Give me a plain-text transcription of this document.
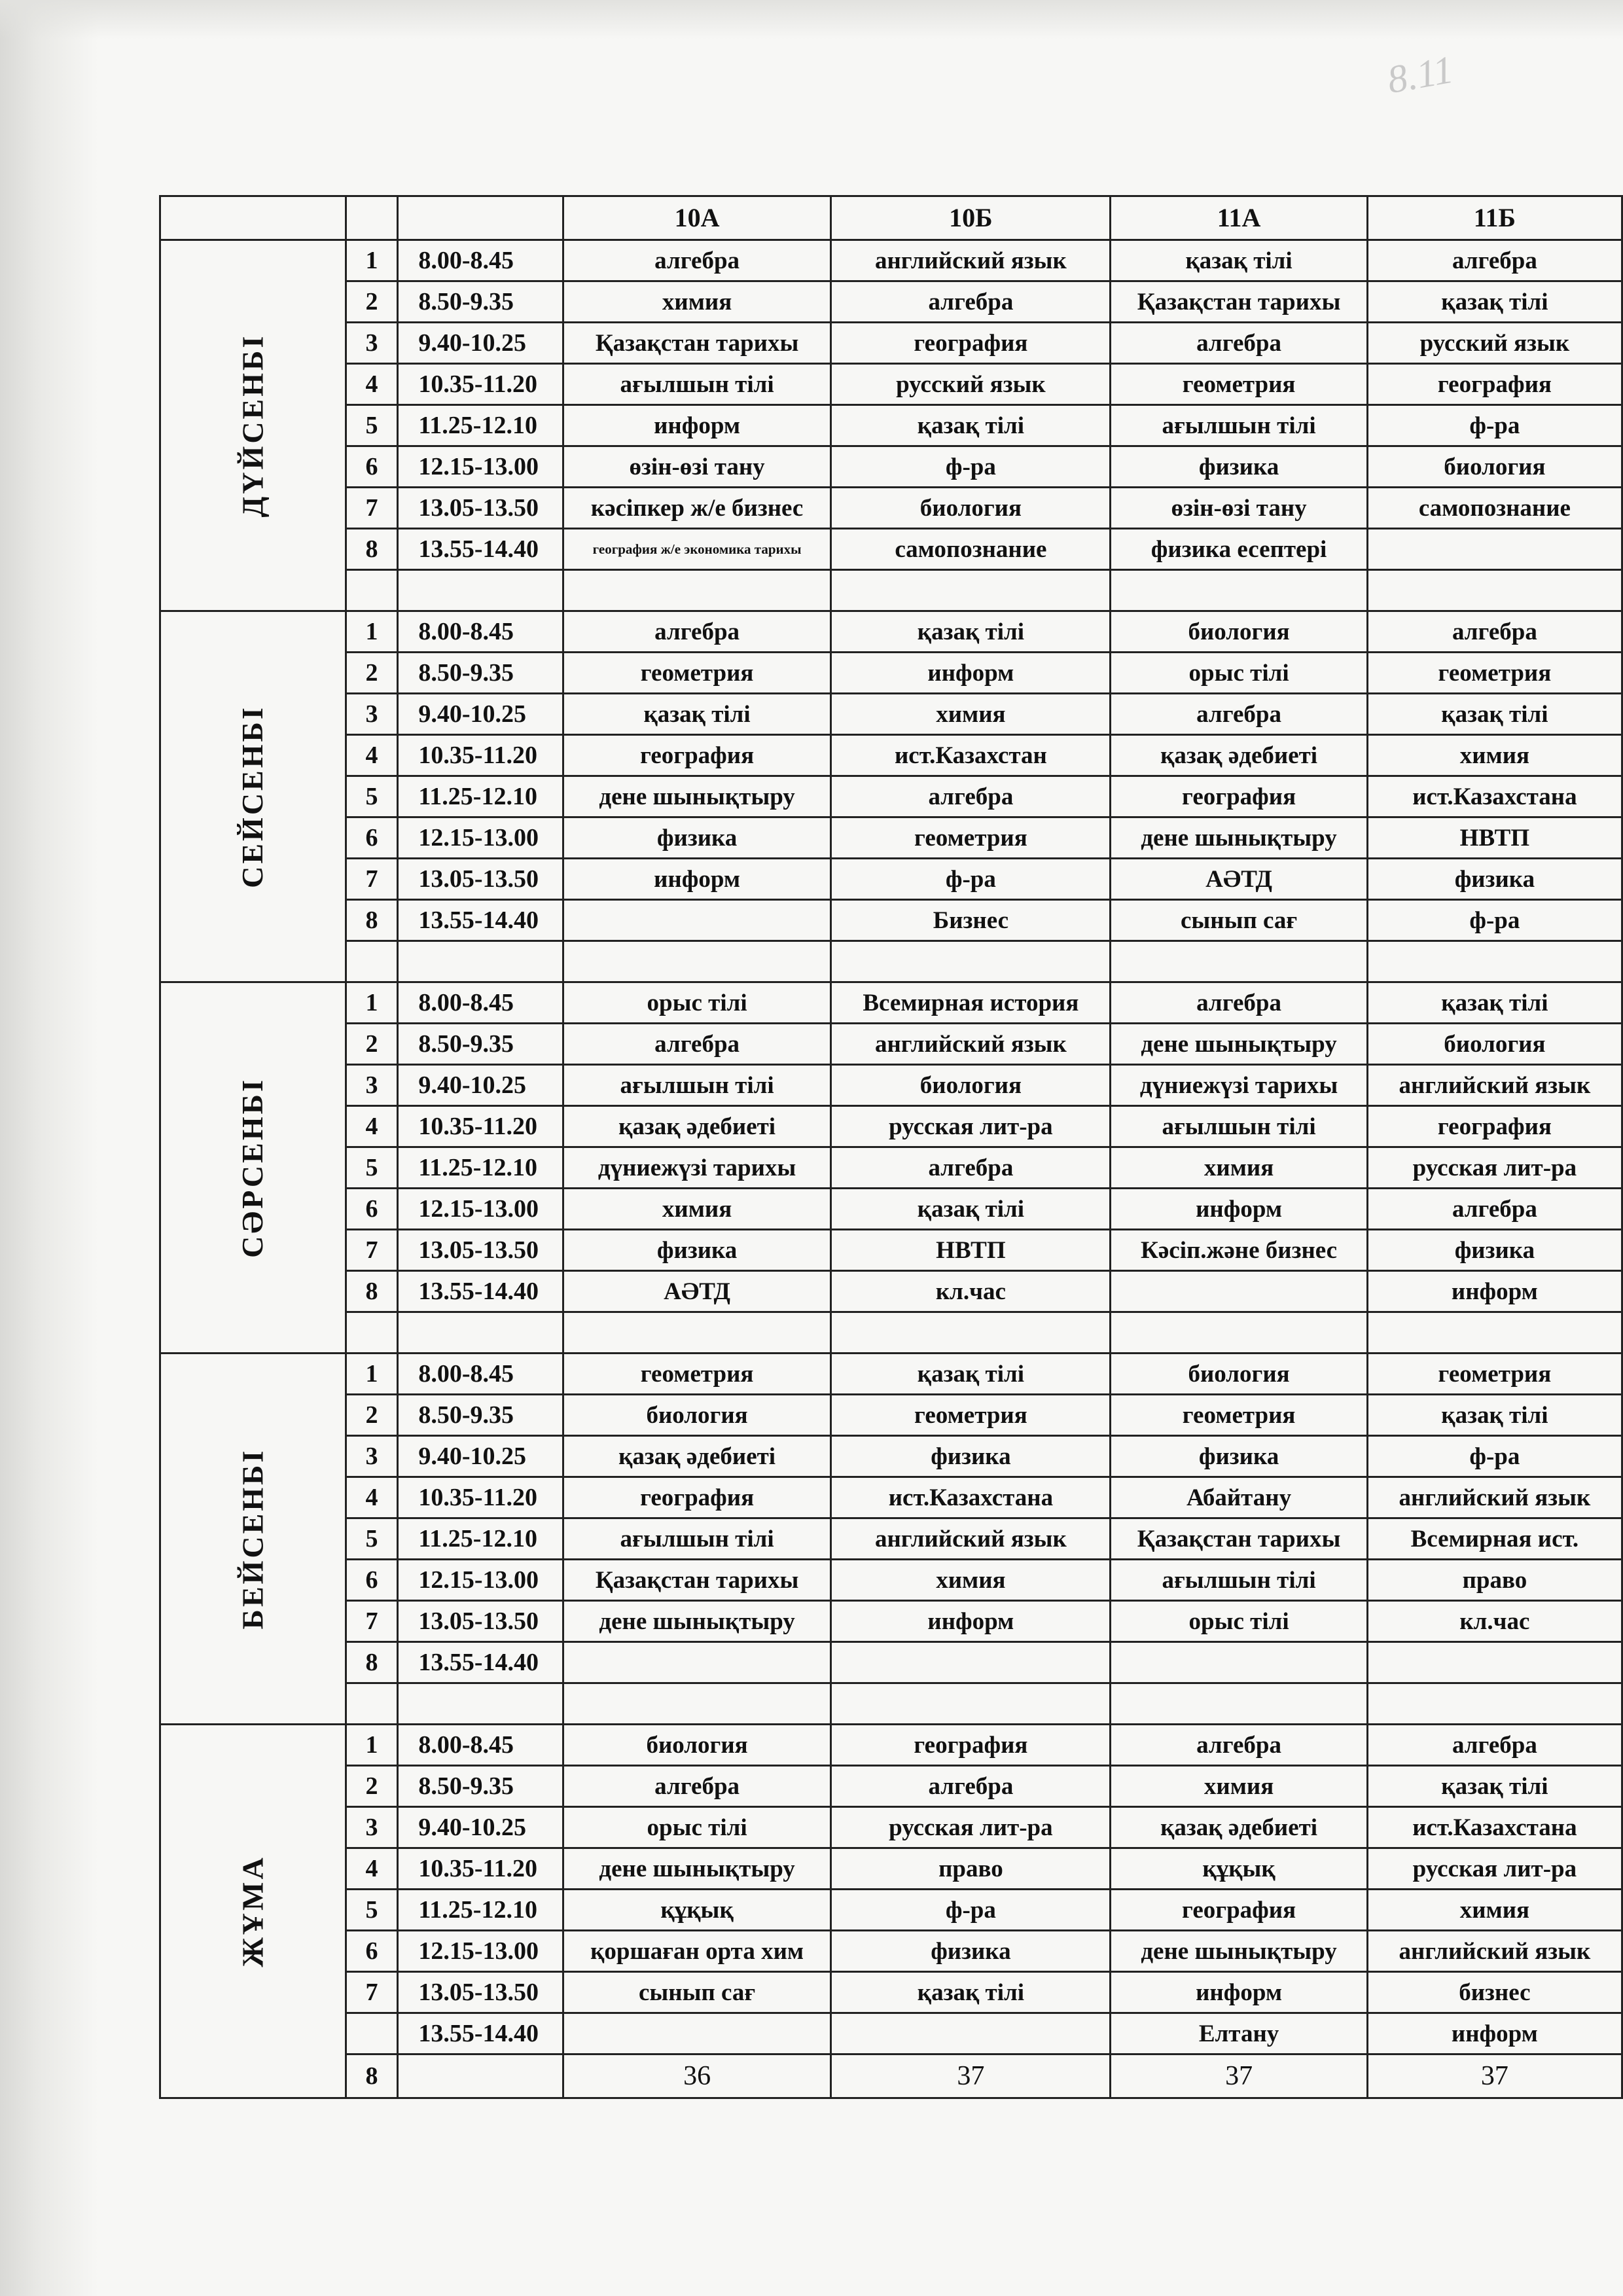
8.11
			10А	10Б	11А	11Б
ДҮЙСЕНБІ	1	8.00-8.45	алгебра	английский язык	қазақ тілі	алгебра
	2	8.50-9.35	химия	алгебра	Қазақстан тарихы	қазақ тілі
	3	9.40-10.25	Қазақстан тарихы	география	алгебра	русский язык
	4	10.35-11.20	ағылшын тілі	русский язык	геометрия	география
	5	11.25-12.10	информ	қазақ тілі	ағылшын тілі	ф-ра
	6	12.15-13.00	өзін-өзі тану	ф-ра	физика	биология
	7	13.05-13.50	кәсіпкер ж/е бизнес	биология	өзін-өзі тану	самопознание
	8	13.55-14.40	география ж/е экономика тарихы	самопознание	физика есептері	

СЕЙСЕНБІ	1	8.00-8.45	алгебра	қазақ тілі	биология	алгебра
	2	8.50-9.35	геометрия	информ	орыс тілі	геометрия
	3	9.40-10.25	қазақ тілі	химия	алгебра	қазақ тілі
	4	10.35-11.20	география	ист.Казахстан	қазақ әдебиеті	химия
	5	11.25-12.10	дене шынықтыру	алгебра	география	ист.Казахстана
	6	12.15-13.00	физика	геометрия	дене шынықтыру	НВТП
	7	13.05-13.50	информ	ф-ра	АӘТД	физика
	8	13.55-14.40		Бизнес	сынып сағ	ф-ра

СӘРСЕНБІ	1	8.00-8.45	орыс тілі	Всемирная история	алгебра	қазақ тілі
	2	8.50-9.35	алгебра	английский язык	дене шынықтыру	биология
	3	9.40-10.25	ағылшын тілі	биология	дүниежүзі тарихы	английский язык
	4	10.35-11.20	қазақ әдебиеті	русская лит-ра	ағылшын тілі	география
	5	11.25-12.10	дүниежүзі тарихы	алгебра	химия	русская лит-ра
	6	12.15-13.00	химия	қазақ тілі	информ	алгебра
	7	13.05-13.50	физика	НВТП	Кәсіп.және бизнес	физика
	8	13.55-14.40	АӘТД	кл.час		информ

БЕЙСЕНБІ	1	8.00-8.45	геометрия	қазақ тілі	биология	геометрия
	2	8.50-9.35	биология	геометрия	геометрия	қазақ тілі
	3	9.40-10.25	қазақ әдебиеті	физика	физика	ф-ра
	4	10.35-11.20	география	ист.Казахстана	Абайтану	английский язык
	5	11.25-12.10	ағылшын тілі	английский язык	Қазақстан тарихы	Всемирная ист.
	6	12.15-13.00	Қазақстан тарихы	химия	ағылшын тілі	право
	7	13.05-13.50	дене шынықтыру	информ	орыс тілі	кл.час
	8	13.55-14.40				

ЖҰМА	1	8.00-8.45	биология	география	алгебра	алгебра
	2	8.50-9.35	алгебра	алгебра	химия	қазақ тілі
	3	9.40-10.25	орыс тілі	русская лит-ра	қазақ әдебиеті	ист.Казахстана
	4	10.35-11.20	дене шынықтыру	право	құқық	русская лит-ра
	5	11.25-12.10	құқық	ф-ра	география	химия
	6	12.15-13.00	қоршаған орта хим	физика	дене шынықтыру	английский язык
	7	13.05-13.50	сынып сағ	қазақ тілі	информ	бизнес
		13.55-14.40			Елтану	информ
	8		36	37	37	37
